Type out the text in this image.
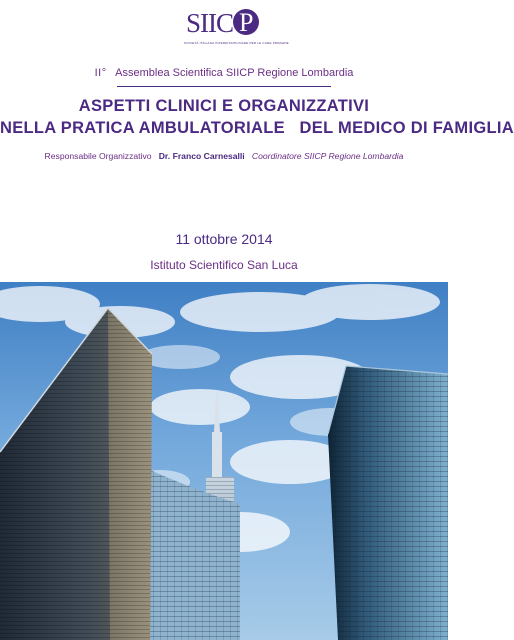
SIIC P
SOCIETÀ ITALIANA INTERDISCIPLINARE PER LE CURE PRIMARIE
II° Assemblea Scientifica SIICP Regione Lombardia
ASPETTI CLINICI E ORGANIZZATIVI
NELLA PRATICA AMBULATORIALE   DEL MEDICO DI FAMIGLIA
Responsabile Organizzativo Dr. Franco Carnesalli Coordinatore SIICP Regione Lombardia
11 ottobre 2014
Istituto Scientifico San Luca
